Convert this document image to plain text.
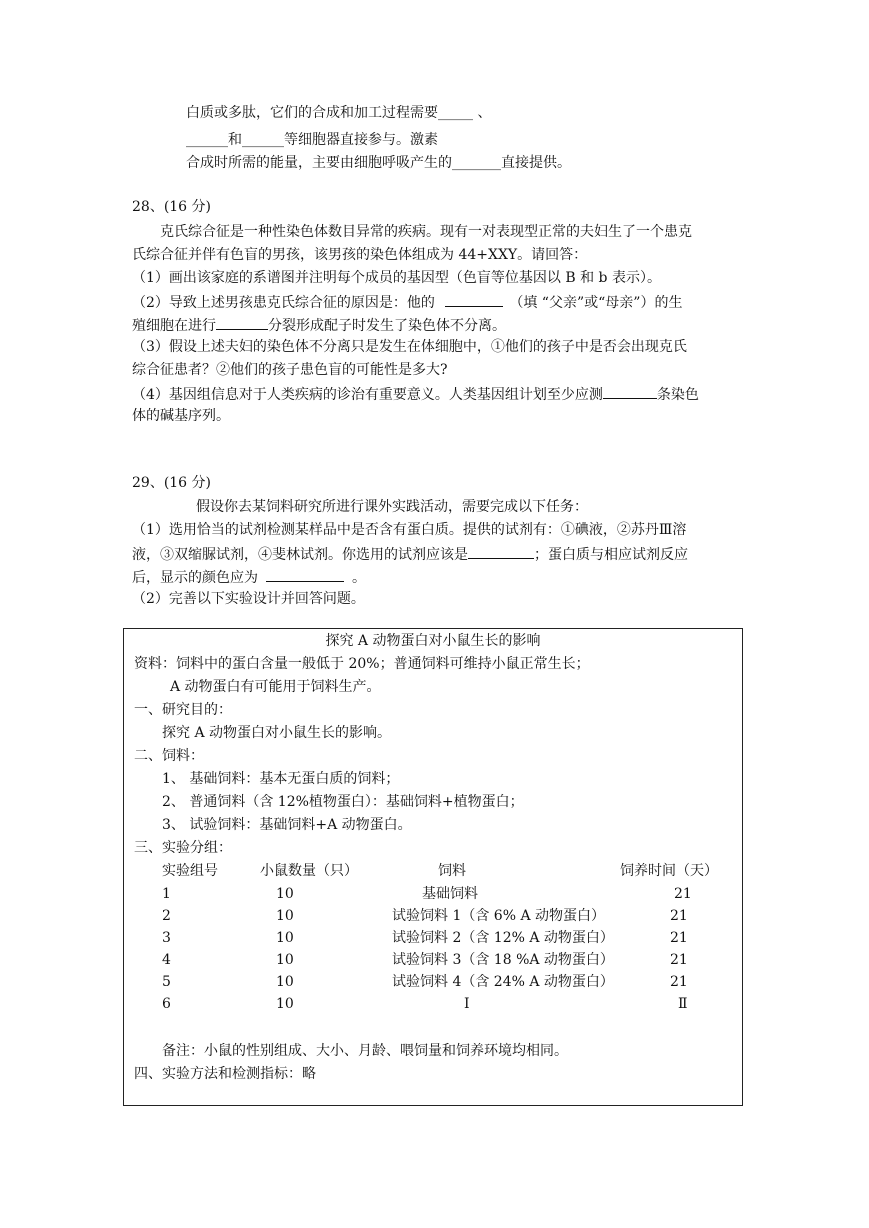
白质或多肽，它们的合成和加工过程需要_____ 、
______和______等细胞器直接参与。激素
合成时所需的能量，主要由细胞呼吸产生的_______直接提供。
28、(16 分)
克氏综合征是一种性染色体数目异常的疾病。现有一对表现型正常的夫妇生了一个患克
氏综合征并伴有色盲的男孩，该男孩的染色体组成为 44+XXY。请回答：
（1）画出该家庭的系谱图并注明每个成员的基因型（色盲等位基因以 B 和 b 表示）。
（2）导致上述男孩患克氏综合征的原因是：他的	（填 “父亲”或“母亲”）的生
殖细胞在进行	分裂形成配子时发生了染色体不分离。
（3）假设上述夫妇的染色体不分离只是发生在体细胞中，①他们的孩子中是否会出现克氏
综合征患者？②他们的孩子患色盲的可能性是多大?
（4）基因组信息对于人类疾病的诊治有重要意义。人类基因组计划至少应测	条染色
体的碱基序列。
29、(16 分)
假设你去某饲料研究所进行课外实践活动，需要完成以下任务：
（1）选用恰当的试剂检测某样品中是否含有蛋白质。提供的试剂有：①碘液，②苏丹Ⅲ溶
液，③双缩脲试剂，④斐林试剂。你选用的试剂应该是	；蛋白质与相应试剂反应
后，显示的颜色应为	。
（2）完善以下实验设计并回答问题。
探究 A 动物蛋白对小鼠生长的影响
资料：饲料中的蛋白含量一般低于 20%；普通饲料可维持小鼠正常生长；
A 动物蛋白有可能用于饲料生产。
一、研究目的：
探究 A 动物蛋白对小鼠生长的影响。
二、饲料：
1、 基础饲料：基本无蛋白质的饲料；
2、 普通饲料（含 12%植物蛋白）：基础饲料+植物蛋白；
3、 试验饲料：基础饲料+A 动物蛋白。
三、实验分组：
实验组号	小鼠数量（只）	饲料	饲养时间（天）
1	10	基础饲料	21
2	10	试验饲料 1（含 6% A 动物蛋白）	21
3	10	试验饲料 2（含 12% A 动物蛋白）	21
4	10	试验饲料 3（含 18 %A 动物蛋白）	21
5	10	试验饲料 4（含 24% A 动物蛋白）	21
6	10	Ⅰ	Ⅱ
备注：小鼠的性别组成、大小、月龄、喂饲量和饲养环境均相同。
四、实验方法和检测指标：略
